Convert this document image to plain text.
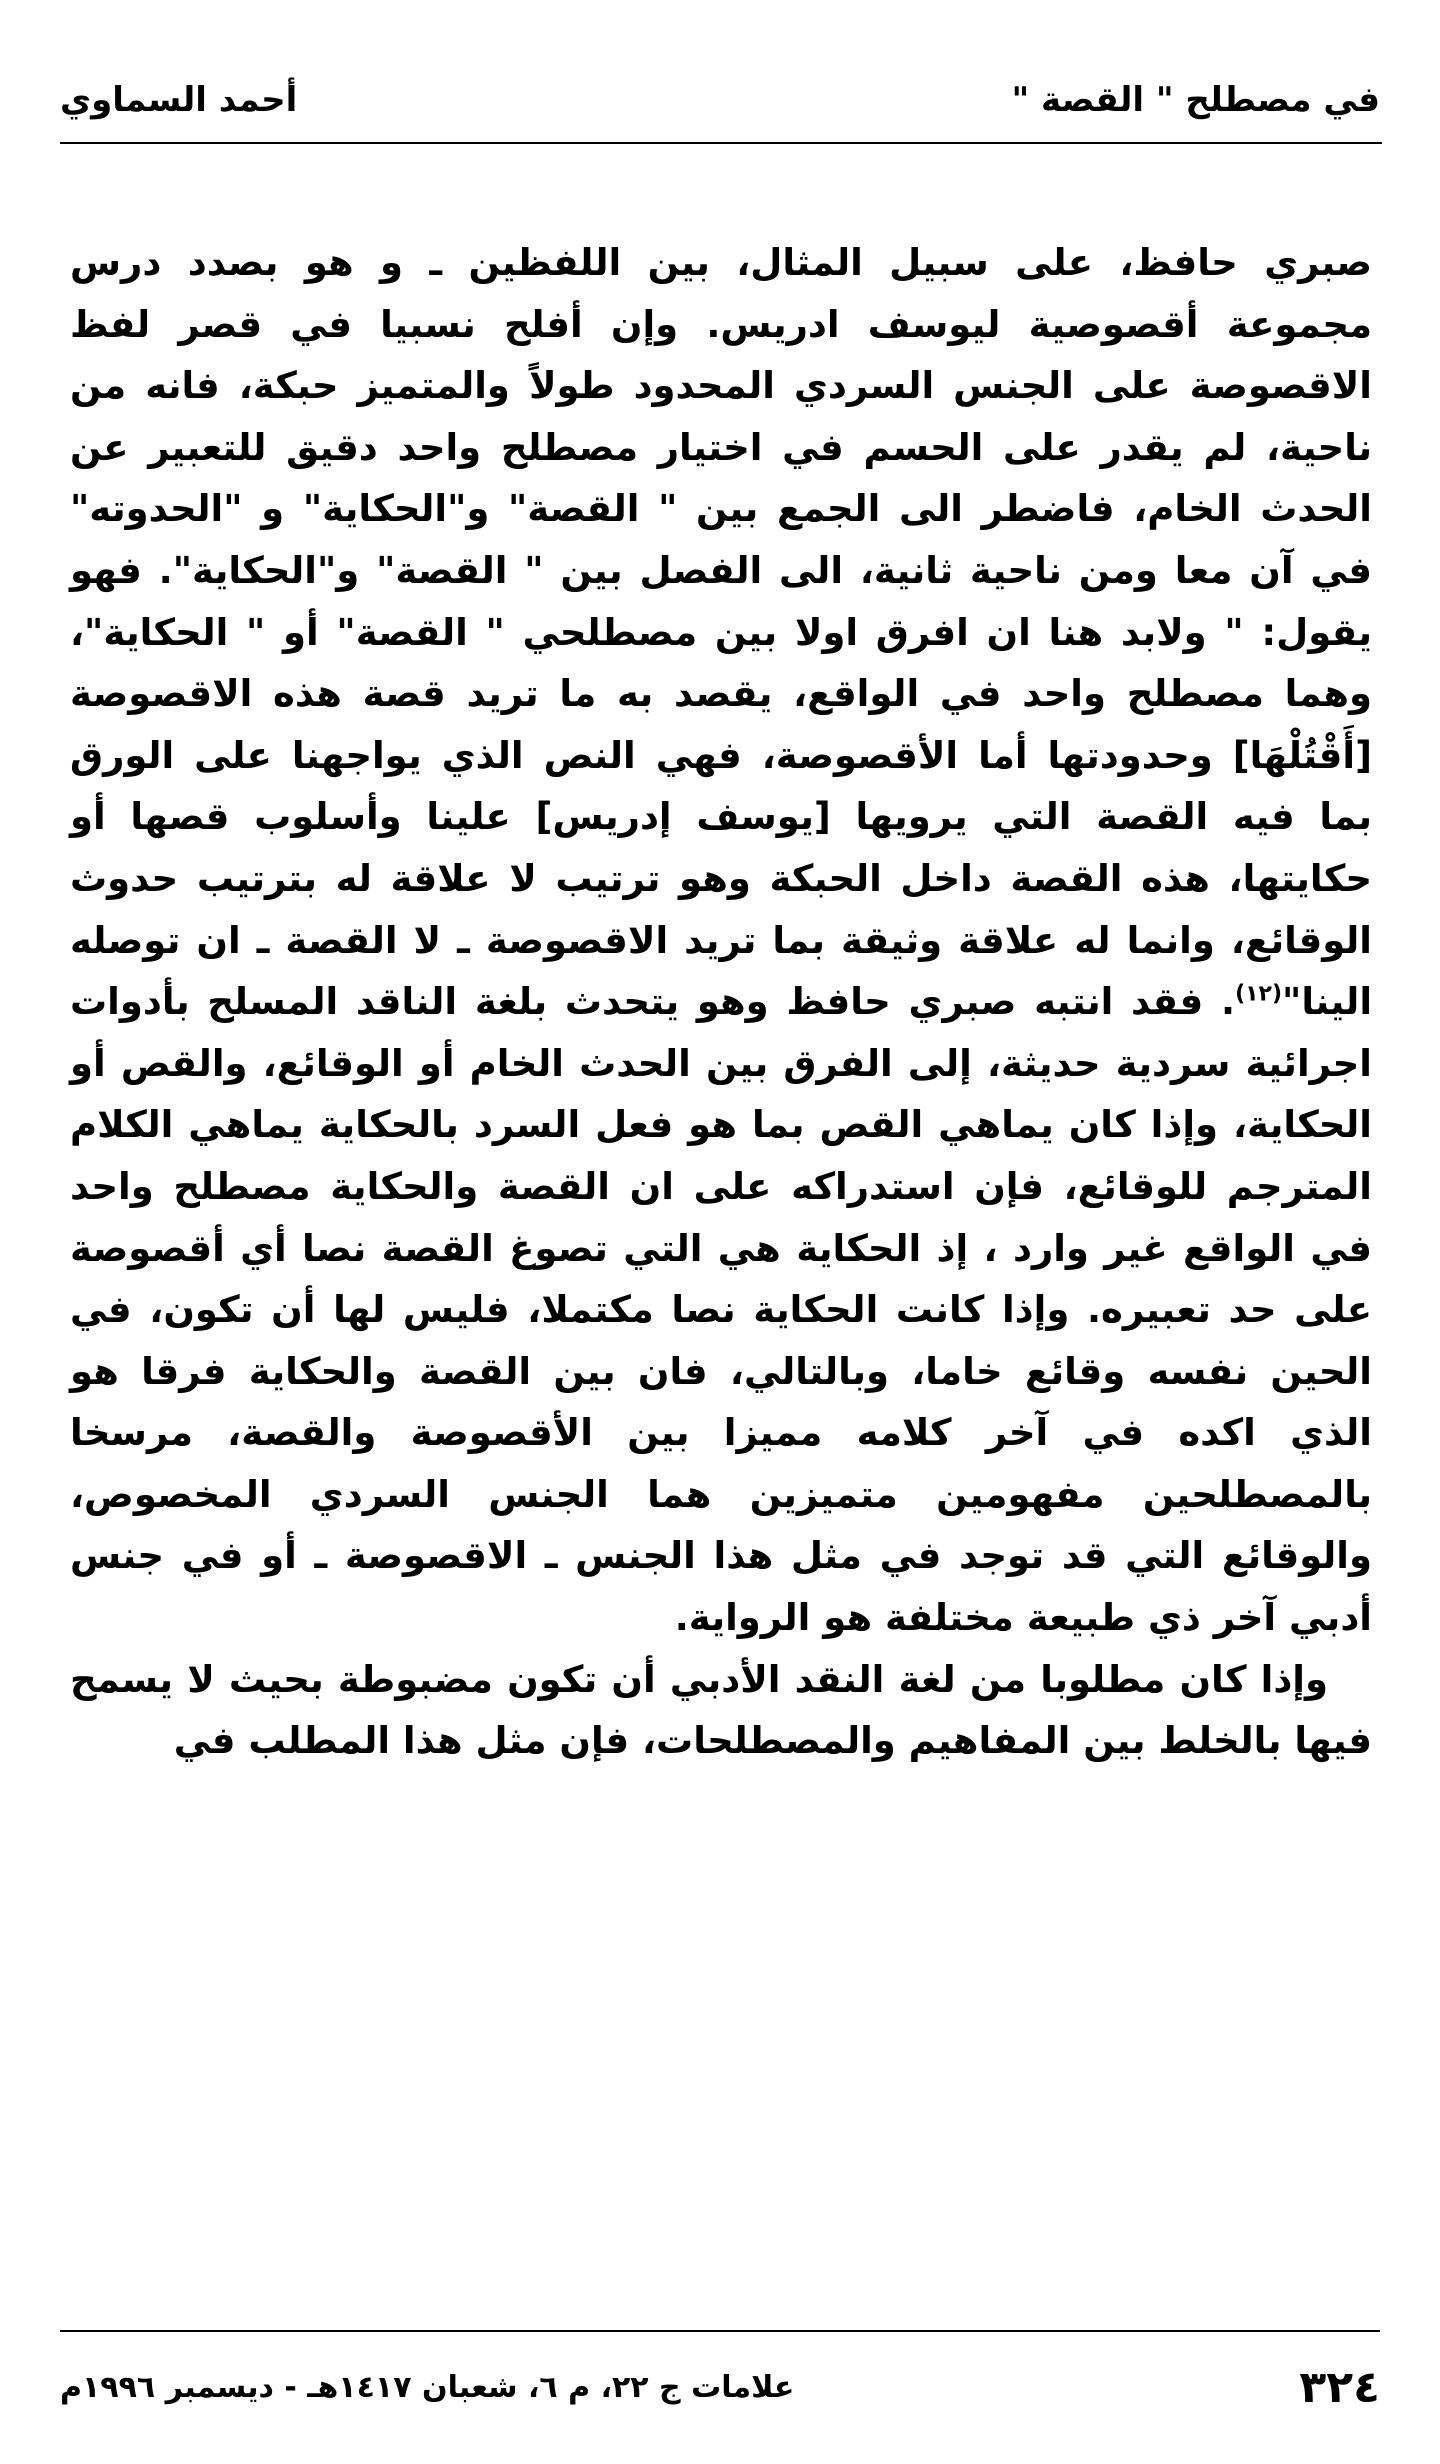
في مصطلح " القصة "
أحمد السماوي

صبري حافظ، على سبيل المثال، بين اللفظين ـ و هو بصدد درس مجموعة أقصوصية ليوسف ادريس. وإن أفلح نسبيا في قصر لفظ الاقصوصة على الجنس السردي المحدود طولاً والمتميز حبكة، فانه من ناحية، لم يقدر على الحسم في اختيار مصطلح واحد دقيق للتعبير عن الحدث الخام، فاضطر الى الجمع بين " القصة" و"الحكاية" و "الحدوته" في آن معا ومن ناحية ثانية، الى الفصل بين " القصة" و"الحكاية". فهو يقول: " ولابد هنا ان افرق اولا بين مصطلحي " القصة" أو " الحكاية"، وهما مصطلح واحد في الواقع، يقصد به ما تريد قصة هذه الاقصوصة [أَقْتُلْهَا] وحدودتها أما الأقصوصة، فهي النص الذي يواجهنا على الورق بما فيه القصة التي يرويها [يوسف إدريس] علينا وأسلوب قصها أو حكايتها، هذه القصة داخل الحبكة وهو ترتيب لا علاقة له بترتيب حدوث الوقائع، وانما له علاقة وثيقة بما تريد الاقصوصة ـ لا القصة ـ ان توصله الينا"$^{(١٢)}$. فقد انتبه صبري حافظ وهو يتحدث بلغة الناقد المسلح بأدوات اجرائية سردية حديثة، إلى الفرق بين الحدث الخام أو الوقائع، والقص أو الحكاية، وإذا كان يماهي القص بما هو فعل السرد بالحكاية يماهي الكلام المترجم للوقائع، فإن استدراكه على ان القصة والحكاية مصطلح واحد في الواقع غير وارد ، إذ الحكاية هي التي تصوغ القصة نصا أي أقصوصة على حد تعبيره. وإذا كانت الحكاية نصا مكتملا، فليس لها أن تكون، في الحين نفسه وقائع خاما، وبالتالي، فان بين القصة والحكاية فرقا هو الذي اكده في آخر كلامه مميزا بين الأقصوصة والقصة، مرسخا بالمصطلحين مفهومين متميزين هما الجنس السردي المخصوص، والوقائع التي قد توجد في مثل هذا الجنس ـ الاقصوصة ـ أو في جنس أدبي آخر ذي طبيعة مختلفة هو الرواية.

وإذا كان مطلوبا من لغة النقد الأدبي أن تكون مضبوطة بحيث لا يسمح فيها بالخلط بين المفاهيم والمصطلحات، فإن مثل هذا المطلب في

٣٢٤
علامات ج ٢٢، م ٦، شعبان ١٤١٧هـ - ديسمبر ١٩٩٦م
